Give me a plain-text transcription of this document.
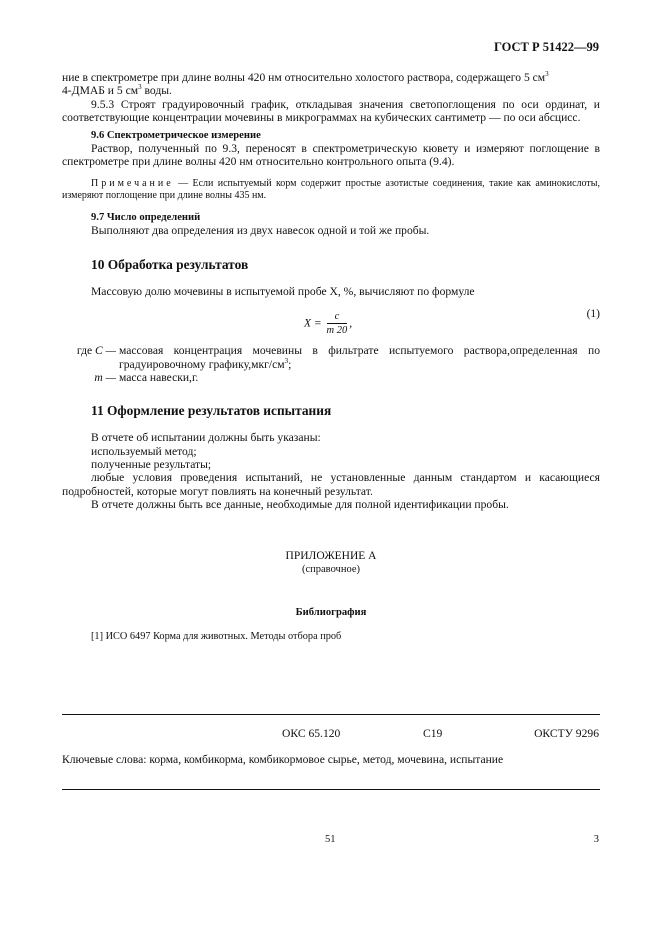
ГОСТ Р 51422—99

ние в спектрометре при длине волны 420 нм относительно холостого раствора, содержащего 5 $см^3$
4-ДМАБ и 5 $см^3$ воды.

9.5.3 Строят градуировочный график, откладывая значения светопоглощения по оси ординат, и соответствующие концентрации мочевины в микрограммах на кубических сантиметр — по оси абсцисс.

9.6 Спектрометрическое измерение

Раствор, полученный по 9.3, переносят в спектрометрическую кювету и измеряют поглощение в спектрометре при длине волны 420 нм относительно контрольного опыта (9.4).

Примечание — Если испытуемый корм содержит простые азотистые соединения, такие как аминокислоты, измеряют поглощение при длине волны 435 нм.

9.7 Число определений

Выполняют два определения из двух навесок одной и той же пробы.

10 Обработка результатов

Массовую долю мочевины в испытуемой пробе X, %, вычисляют по формуле

$X = \frac{c}{m 20}$ ,
(1)
где C — массовая концентрация мочевины в фильтрате испытуемого раствора,определенная по градуировочному $графику,мкг/см^3$;
m — масса навески,г.
11 Оформление результатов испытания

В отчете об испытании должны быть указаны:

используемый метод;

полученные результаты;

любые условия проведения испытаний, не установленные данным стандартом и касающиеся подробностей, которые могут повлиять на конечный результат.

В отчете должны быть все данные, необходимые для полной идентификации пробы.

ПРИЛОЖЕНИЕ А
(справочное)
Библиография
[1] ИСО 6497 Корма для животных. Методы отбора проб
ОКС 65.120	С19	ОКСТУ 9296
Ключевые слова: корма, комбикорма, комбикормовое сырье, метод, мочевина, испытание
51	3
